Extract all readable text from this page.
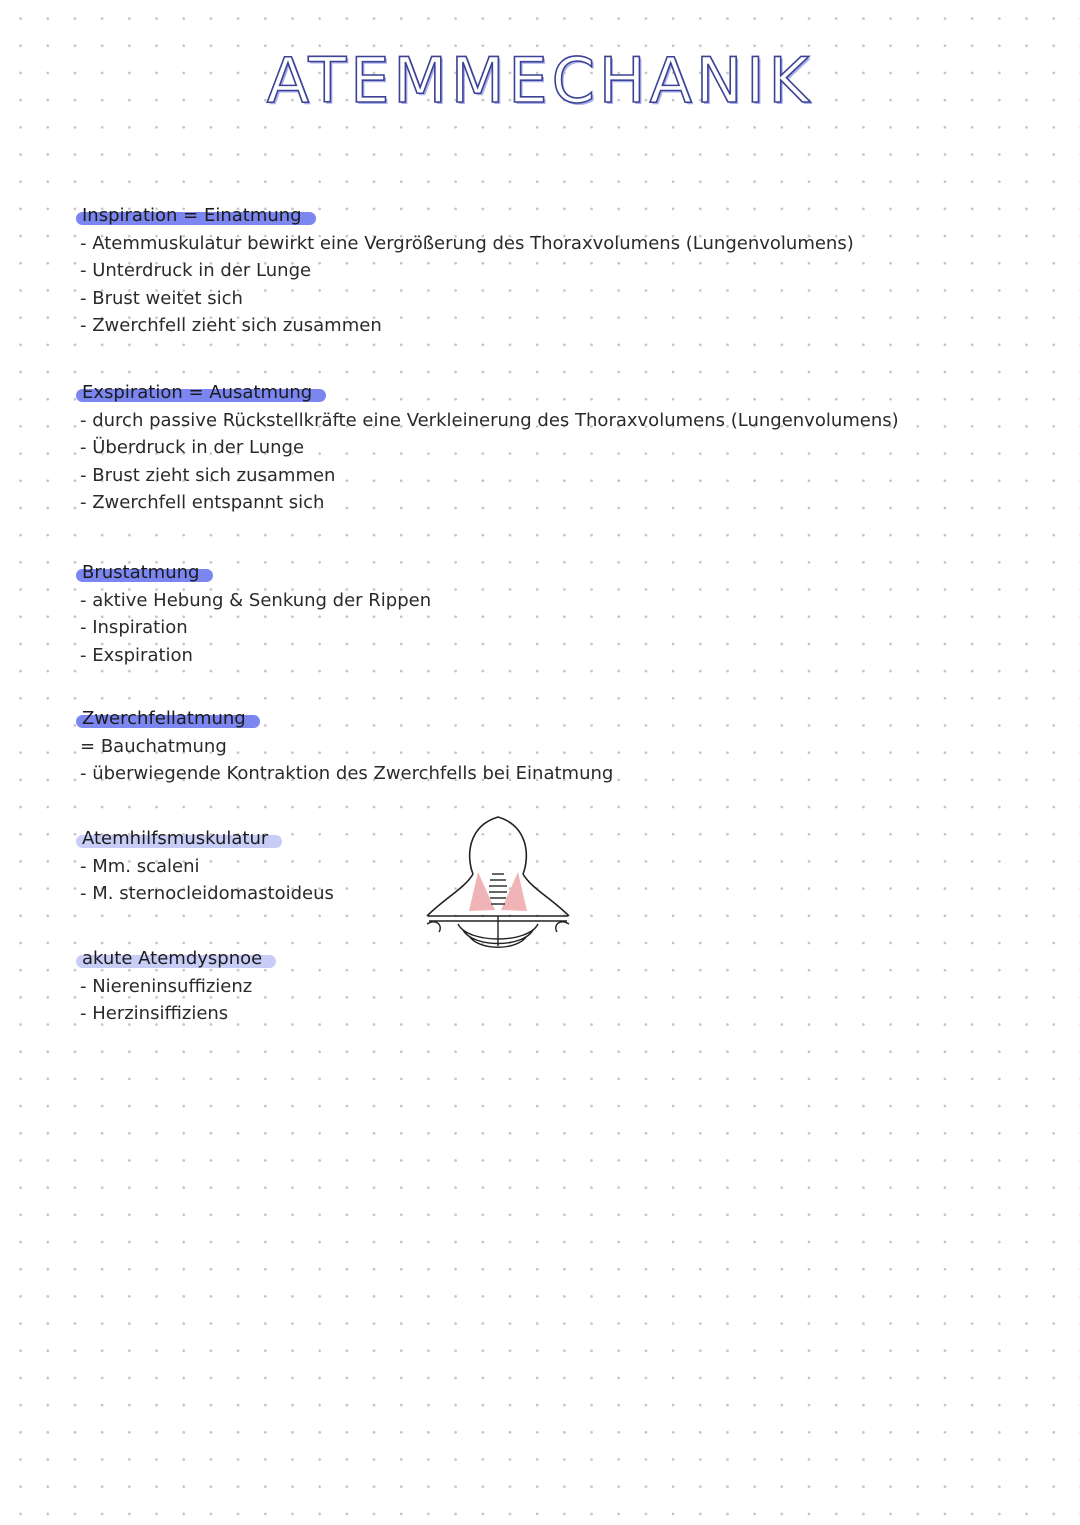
ATEMMECHANIK
Inspiration = Einatmung
- Atemmuskulatur bewirkt eine Vergrößerung des Thoraxvolumens (Lungenvolumens)
- Unterdruck in der Lunge
- Brust weitet sich
- Zwerchfell zieht sich zusammen
Exspiration = Ausatmung
- durch passive Rückstellkräfte eine Verkleinerung des Thoraxvolumens (Lungenvolumens)
- Überdruck in der Lunge
- Brust zieht sich zusammen
- Zwerchfell entspannt sich
Brustatmung
- aktive Hebung & Senkung der Rippen
- Inspiration
- Exspiration
Zwerchfellatmung
= Bauchatmung
- überwiegende Kontraktion des Zwerchfells bei Einatmung
Atemhilfsmuskulatur
- Mm. scaleni
- M. sternocleidomastoideus
akute Atemdyspnoe
- Niereninsuffizienz
- Herzinsiffiziens
